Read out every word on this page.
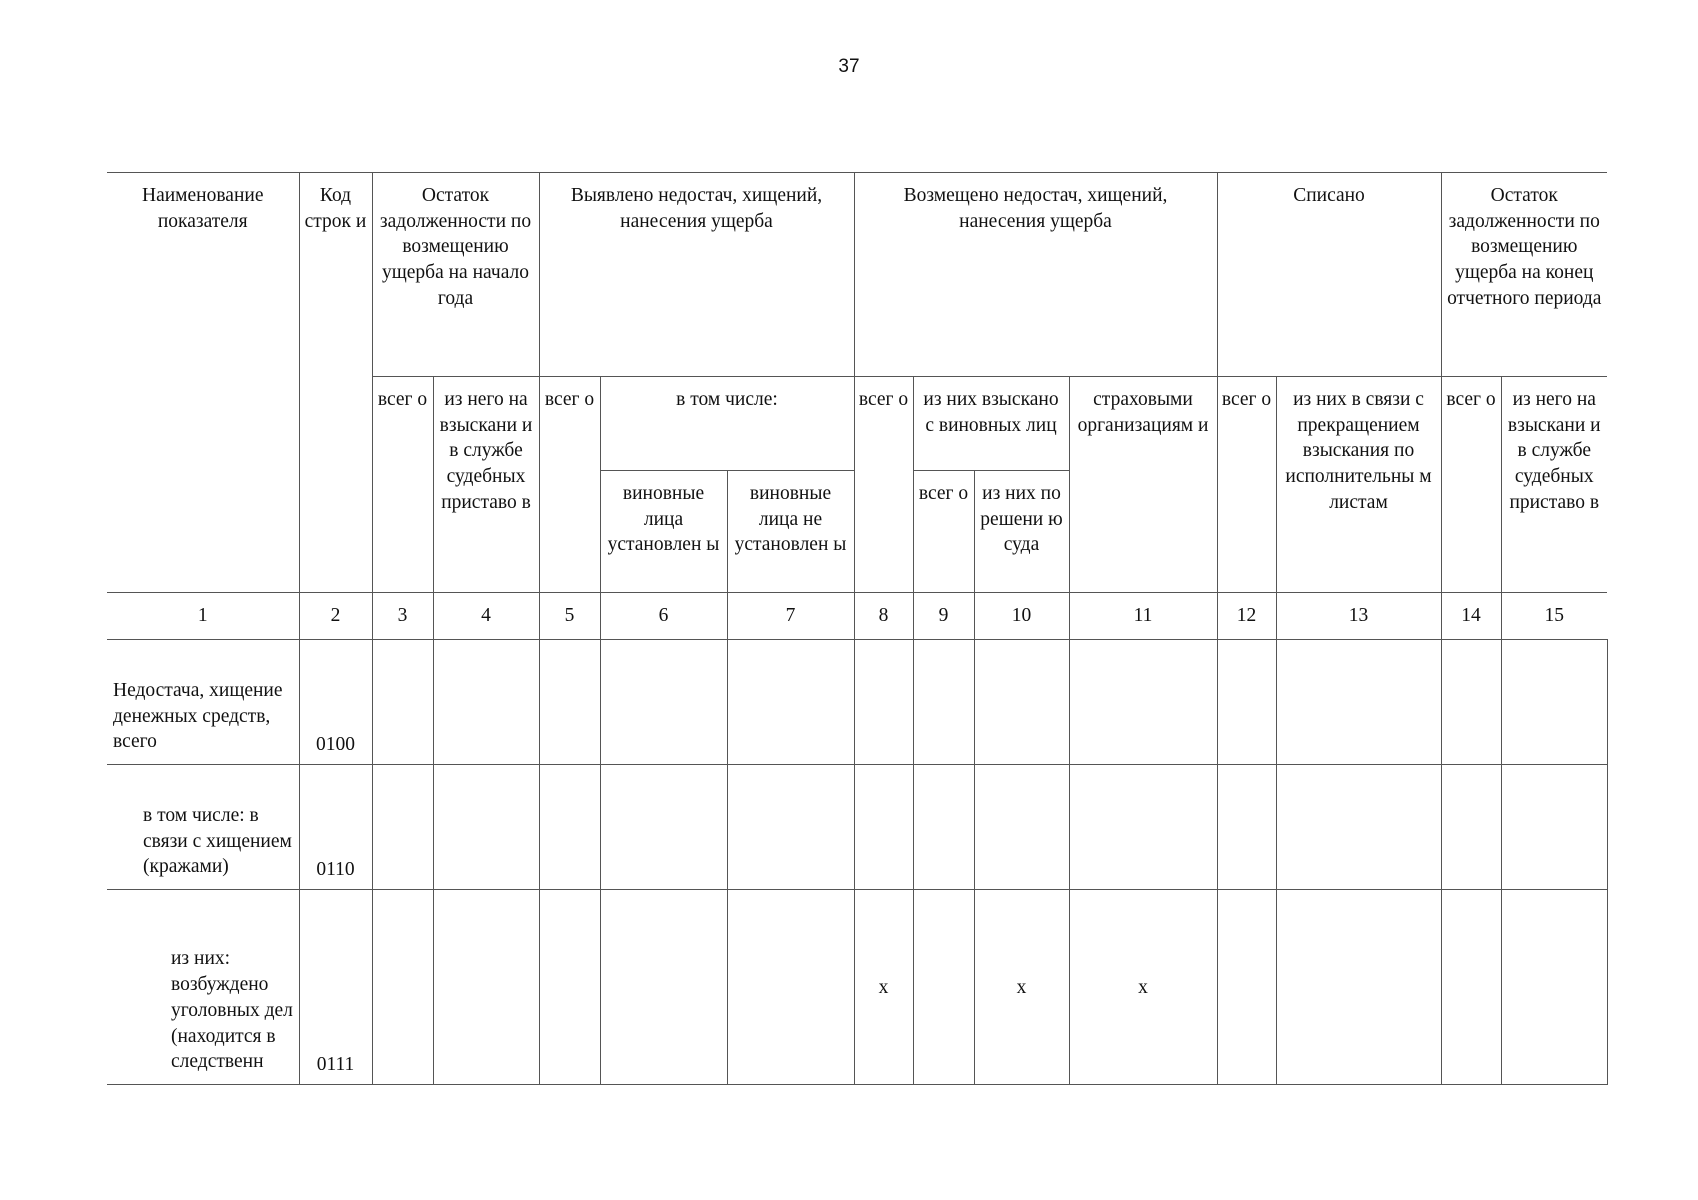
37
Наименование показателя	Код строк и	Остаток задолженности по возмещению ущерба на начало года		Выявлено недостач, хищений, нанесения ущерба			Возмещено недостач, хищений, нанесения ущерба				Списано		Остаток задолженности по возмещению ущерба на конец отчетного периода	
		всег о	из него на взыскани и в службе судебных приставо в	всег о	в том числе:		всег о	из них взыскано с виновных лиц		страховыми организациям и	всег о	из них в связи с прекращением взыскания по исполнительны м листам	всег о	из него на взыскани и в службе судебных приставо в
					виновные лица установлен ы	виновные лица не установлен ы		всег о	из них по решени ю суда					
1	2	3	4	5	6	7	8	9	10	11	12	13	14	15

Недостача, хищение денежных средств, всего	0100													

в том числе: в связи с хищением (кражами)	0110													

из них: возбуждено уголовных дел (находится в следственн	0111						x		x	x				
